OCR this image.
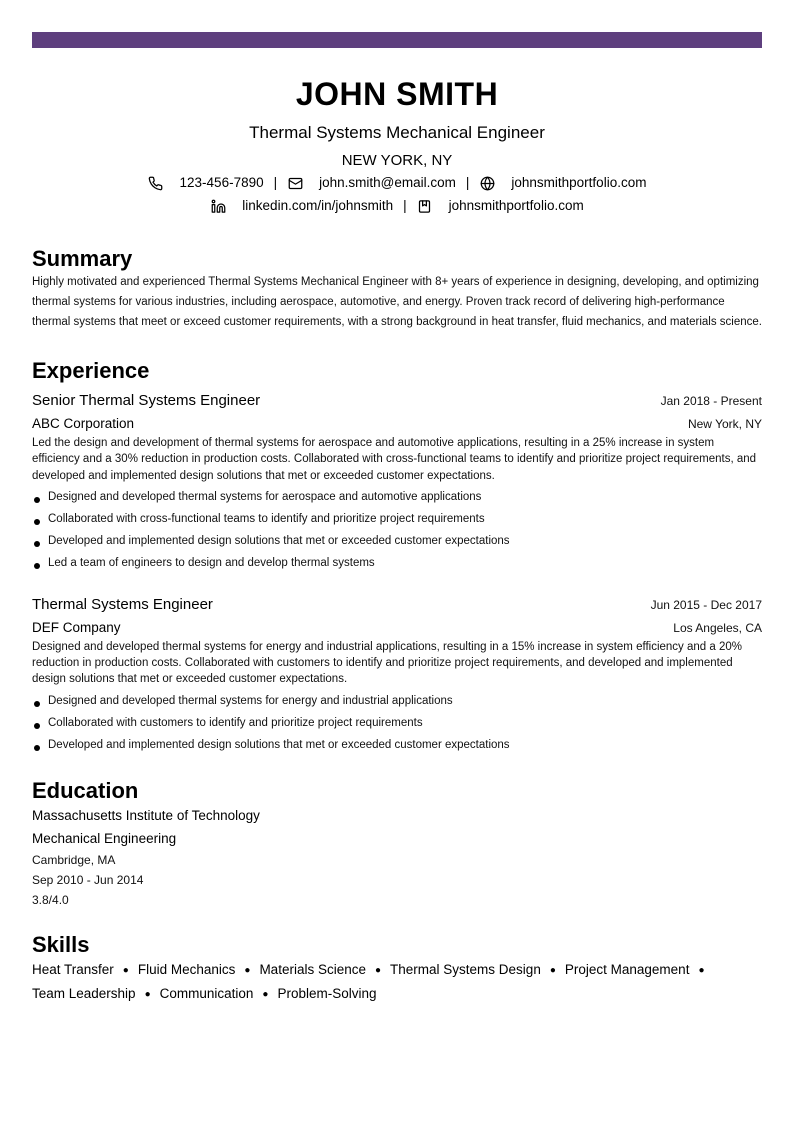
JOHN SMITH
Thermal Systems Mechanical Engineer
NEW YORK, NY
123-456-7890 |	john.smith@email.com |	johnsmithportfolio.com
linkedin.com/in/johnsmith |	johnsmithportfolio.com
Summary

Highly motivated and experienced Thermal Systems Mechanical Engineer with 8+ years of experience in designing, developing, and optimizing thermal systems for various industries, including aerospace, automotive, and energy. Proven track record of delivering high-performance thermal systems that meet or exceed customer requirements, with a strong background in heat transfer, fluid mechanics, and materials science.

Experience
Senior Thermal Systems Engineer	Jan 2018 - Present
ABC Corporation	New York, NY

Led the design and development of thermal systems for aerospace and automotive applications, resulting in a 25% increase in system efficiency and a 30% reduction in production costs. Collaborated with cross-functional teams to identify and prioritize project requirements, and developed and implemented design solutions that met or exceeded customer expectations.

Designed and developed thermal systems for aerospace and automotive applications
Collaborated with cross-functional teams to identify and prioritize project requirements
Developed and implemented design solutions that met or exceeded customer expectations
Led a team of engineers to design and develop thermal systems
Thermal Systems Engineer	Jun 2015 - Dec 2017
DEF Company	Los Angeles, CA

Designed and developed thermal systems for energy and industrial applications, resulting in a 15% increase in system efficiency and a 20% reduction in production costs. Collaborated with customers to identify and prioritize project requirements, and developed and implemented design solutions that met or exceeded customer expectations.

Designed and developed thermal systems for energy and industrial applications
Collaborated with customers to identify and prioritize project requirements
Developed and implemented design solutions that met or exceeded customer expectations
Education
Massachusetts Institute of Technology
Mechanical Engineering
Cambridge, MA
Sep 2010 - Jun 2014
3.8/4.0
Skills
Heat Transfer ● Fluid Mechanics ● Materials Science ● Thermal Systems Design ● Project Management ●
Team Leadership ● Communication ● Problem-Solving
